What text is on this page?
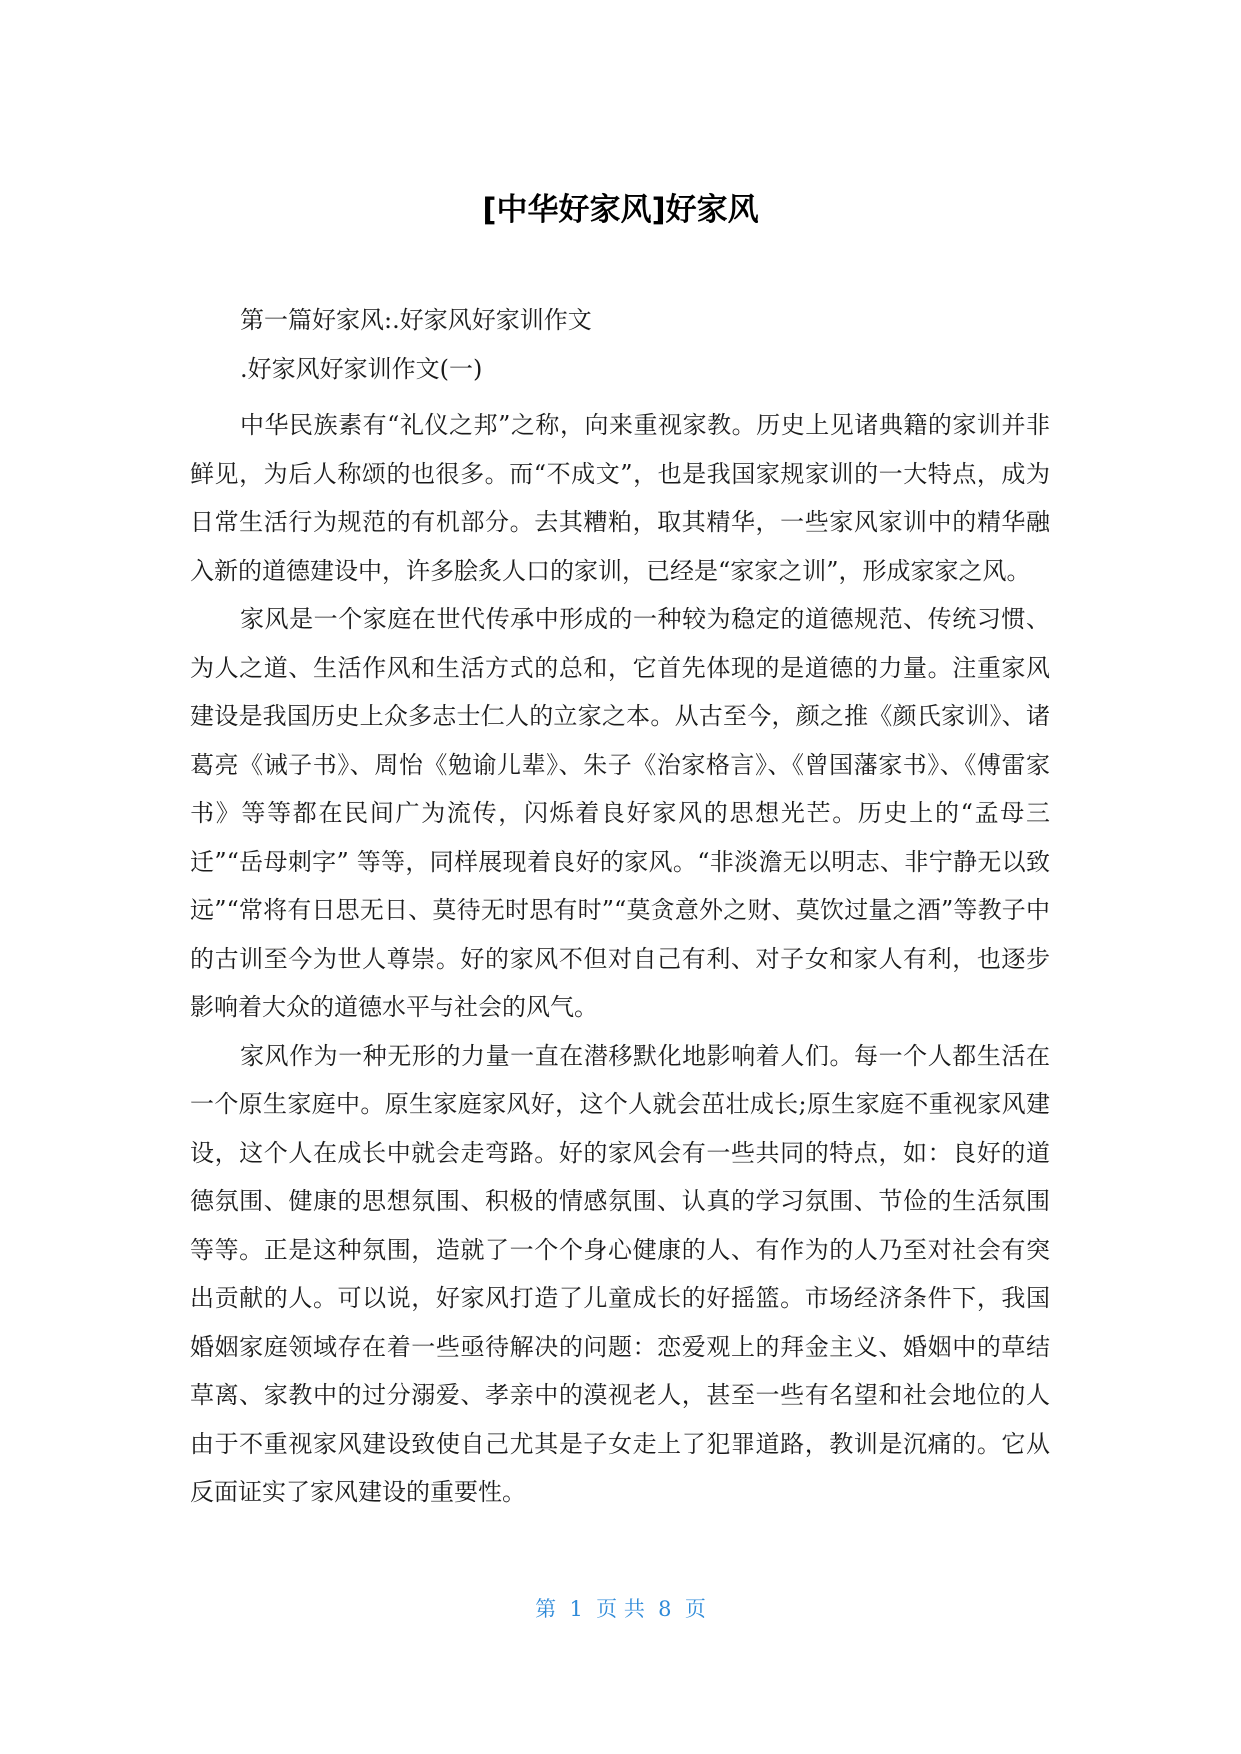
[中华好家风]好家风

第一篇好家风:.好家风好家训作文

.好家风好家训作文(一)

中华民族素有“礼仪之邦”之称，向来重视家教。历史上见诸典籍的家训并非鲜见，为后人称颂的也很多。而“不成文”，也是我国家规家训的一大特点，成为日常生活行为规范的有机部分。去其糟粕，取其精华，一些家风家训中的精华融入新的道德建设中，许多脍炙人口的家训，已经是“家家之训”，形成家家之风。

家风是一个家庭在世代传承中形成的一种较为稳定的道德规范、传统习惯、为人之道、生活作风和生活方式的总和，它首先体现的是道德的力量。注重家风建设是我国历史上众多志士仁人的立家之本。从古至今，颜之推《颜氏家训》、诸葛亮《诫子书》、周怡《勉谕儿辈》、朱子《治家格言》、《曾国藩家书》、《傅雷家书》等等都在民间广为流传，闪烁着良好家风的思想光芒。历史上的“孟母三迁”“岳母刺字” 等等，同样展现着良好的家风。“非淡澹无以明志、非宁静无以致远”“常将有日思无日、莫待无时思有时”“莫贪意外之财、莫饮过量之酒”等教子中的古训至今为世人尊崇。好的家风不但对自己有利、对子女和家人有利，也逐步影响着大众的道德水平与社会的风气。

家风作为一种无形的力量一直在潜移默化地影响着人们。每一个人都生活在一个原生家庭中。原生家庭家风好，这个人就会茁壮成长;原生家庭不重视家风建设，这个人在成长中就会走弯路。好的家风会有一些共同的特点，如：良好的道德氛围、健康的思想氛围、积极的情感氛围、认真的学习氛围、节俭的生活氛围等等。正是这种氛围，造就了一个个身心健康的人、有作为的人乃至对社会有突出贡献的人。可以说，好家风打造了儿童成长的好摇篮。市场经济条件下，我国婚姻家庭领域存在着一些亟待解决的问题：恋爱观上的拜金主义、婚姻中的草结草离、家教中的过分溺爱、孝亲中的漠视老人，甚至一些有名望和社会地位的人由于不重视家风建设致使自己尤其是子女走上了犯罪道路，教训是沉痛的。它从反面证实了家风建设的重要性。

第  1  页 共  8  页
